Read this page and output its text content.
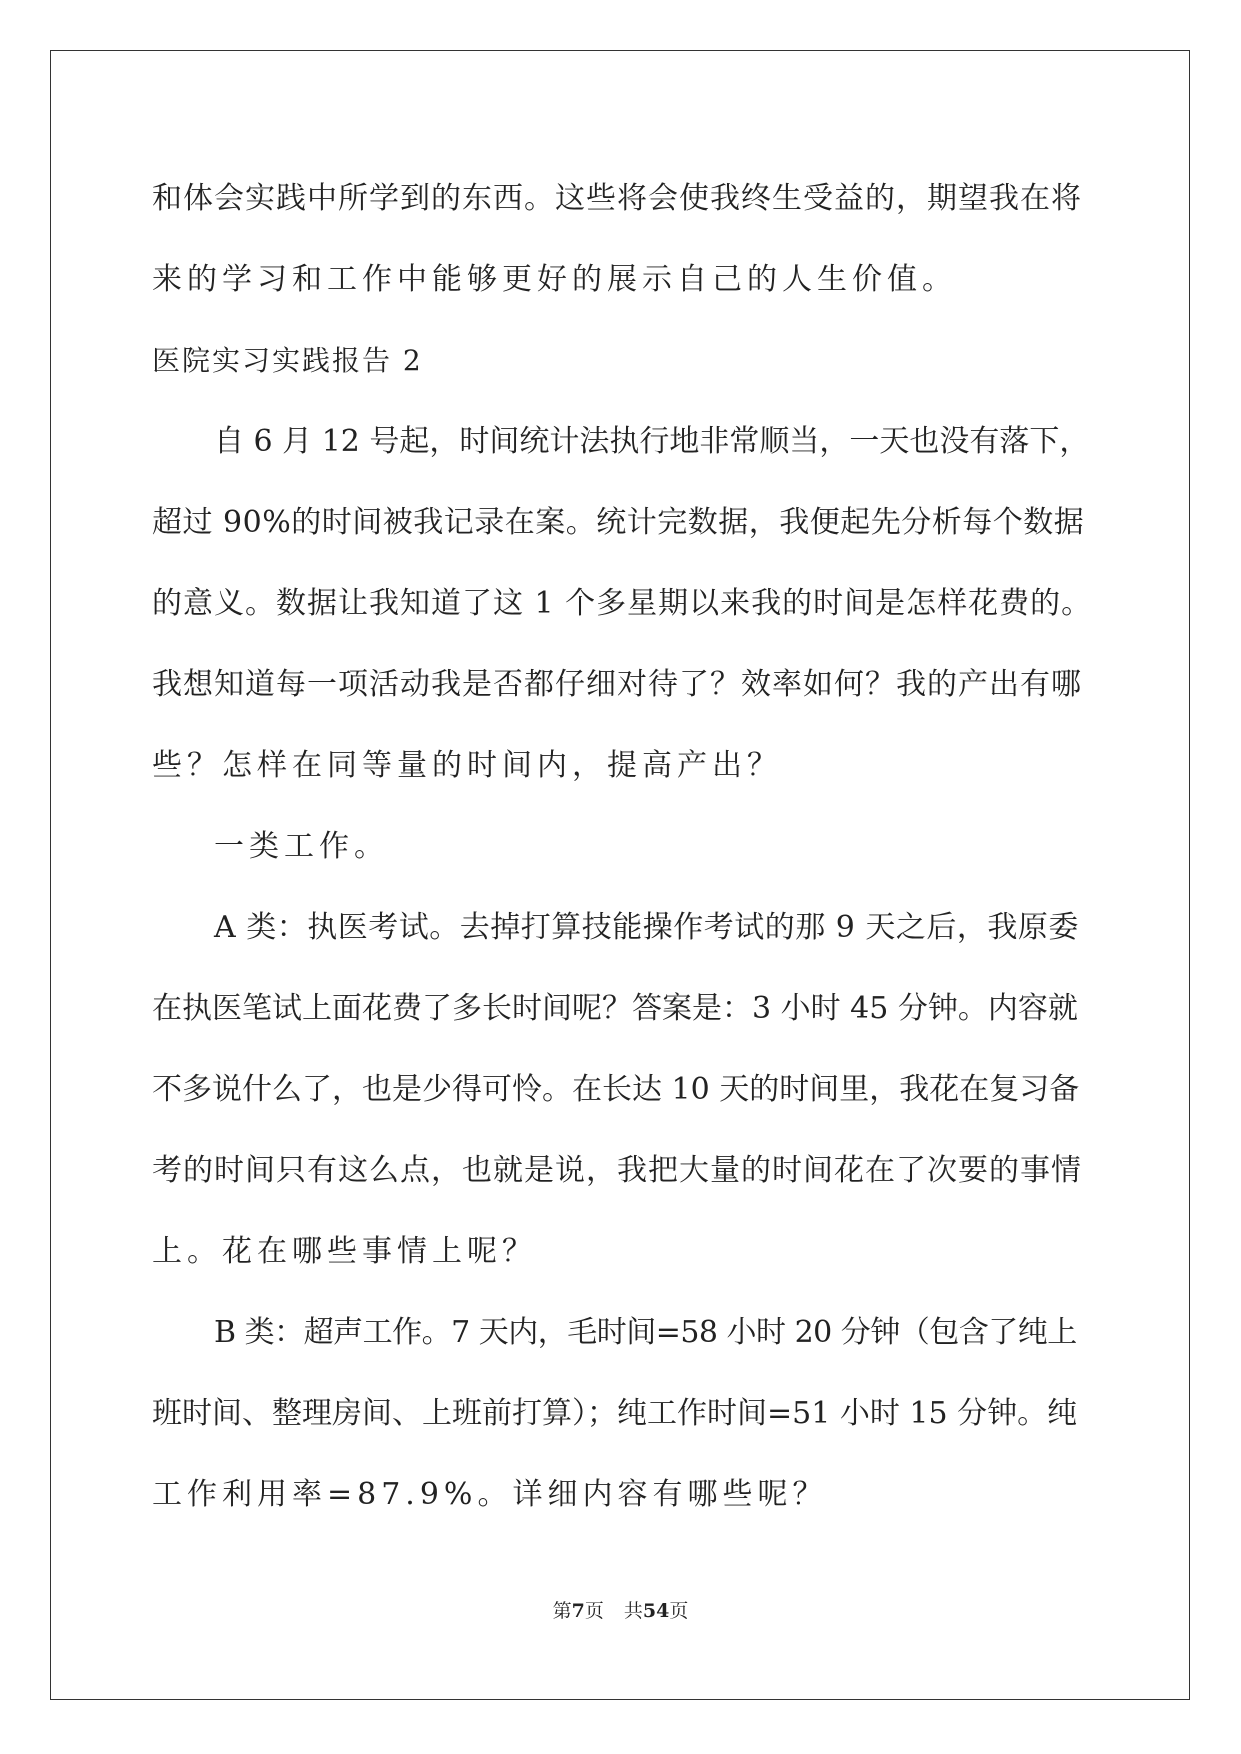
和体会实践中所学到的东西。这些将会使我终生受益的，期望我在将
来的学习和工作中能够更好的展示自己的人生价值。
医院实习实践报告 2
自 6 月 12 号起，时间统计法执行地非常顺当，一天也没有落下，
超过 90%的时间被我记录在案。统计完数据，我便起先分析每个数据
的意义。数据让我知道了这 1 个多星期以来我的时间是怎样花费的。
我想知道每一项活动我是否都仔细对待了？效率如何？我的产出有哪
些？怎样在同等量的时间内，提高产出？
一类工作。
A 类：执医考试。去掉打算技能操作考试的那 9 天之后，我原委
在执医笔试上面花费了多长时间呢？答案是：3 小时 45 分钟。内容就
不多说什么了，也是少得可怜。在长达 10 天的时间里，我花在复习备
考的时间只有这么点，也就是说，我把大量的时间花在了次要的事情
上。花在哪些事情上呢？
B 类：超声工作。7 天内，毛时间=58 小时 20 分钟（包含了纯上
班时间、整理房间、上班前打算）；纯工作时间=51 小时 15 分钟。纯
工作利用率=87.9%。详细内容有哪些呢？
第7页 共54页
